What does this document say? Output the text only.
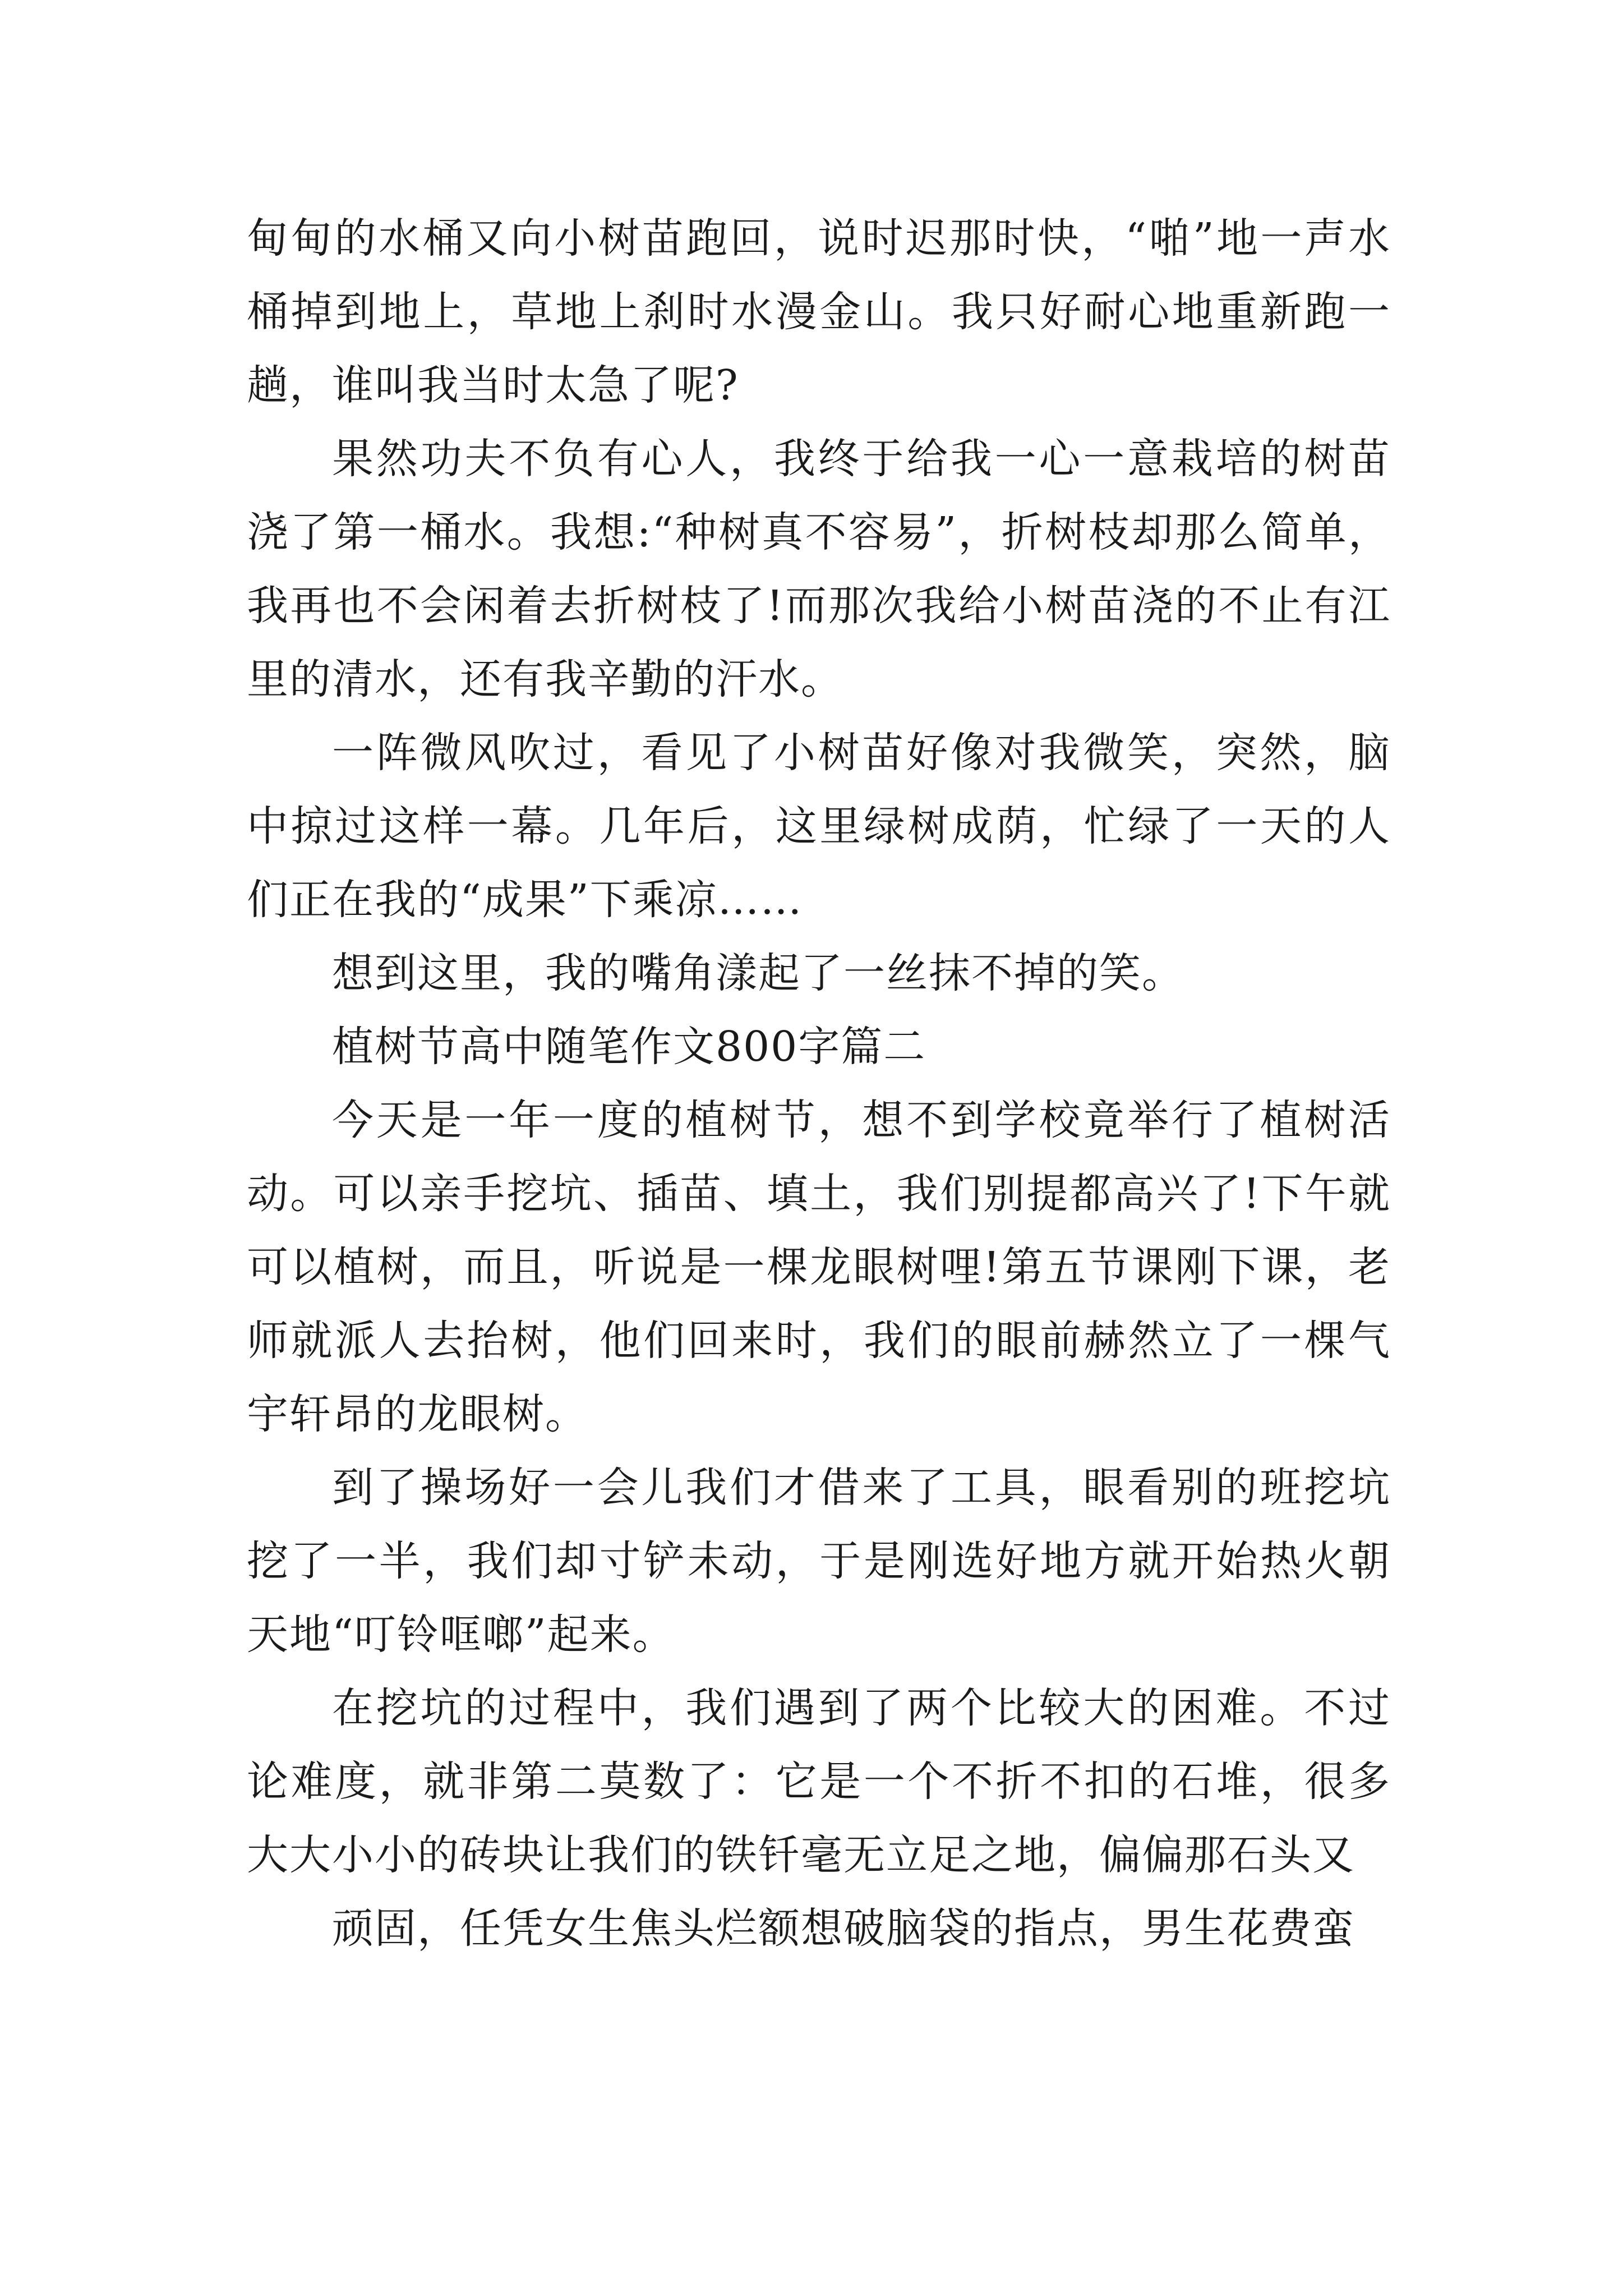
甸甸的水桶又向小树苗跑回，说时迟那时快，“啪”地一声水桶掉到地上，草地上刹时水漫金山。我只好耐心地重新跑一趟，谁叫我当时太急了呢?

果然功夫不负有心人，我终于给我一心一意栽培的树苗浇了第一桶水。我想:“种树真不容易”，折树枝却那么简单，我再也不会闲着去折树枝了!而那次我给小树苗浇的不止有江里的清水，还有我辛勤的汗水。

一阵微风吹过，看见了小树苗好像对我微笑，突然，脑中掠过这样一幕。几年后，这里绿树成荫，忙绿了一天的人们正在我的“成果”下乘凉……

想到这里，我的嘴角漾起了一丝抹不掉的笑。

植树节高中随笔作文800字篇二

今天是一年一度的植树节，想不到学校竟举行了植树活动。可以亲手挖坑、插苗、填土，我们别提都高兴了!下午就可以植树，而且，听说是一棵龙眼树哩!第五节课刚下课，老师就派人去抬树，他们回来时，我们的眼前赫然立了一棵气宇轩昂的龙眼树。

到了操场好一会儿我们才借来了工具，眼看别的班挖坑挖了一半，我们却寸铲未动，于是刚选好地方就开始热火朝天地“叮铃哐啷”起来。

在挖坑的过程中，我们遇到了两个比较大的困难。不过论难度，就非第二莫数了：它是一个不折不扣的石堆，很多大大小小的砖块让我们的铁钎毫无立足之地，偏偏那石头又

顽固，任凭女生焦头烂额想破脑袋的指点，男生花费蛮
